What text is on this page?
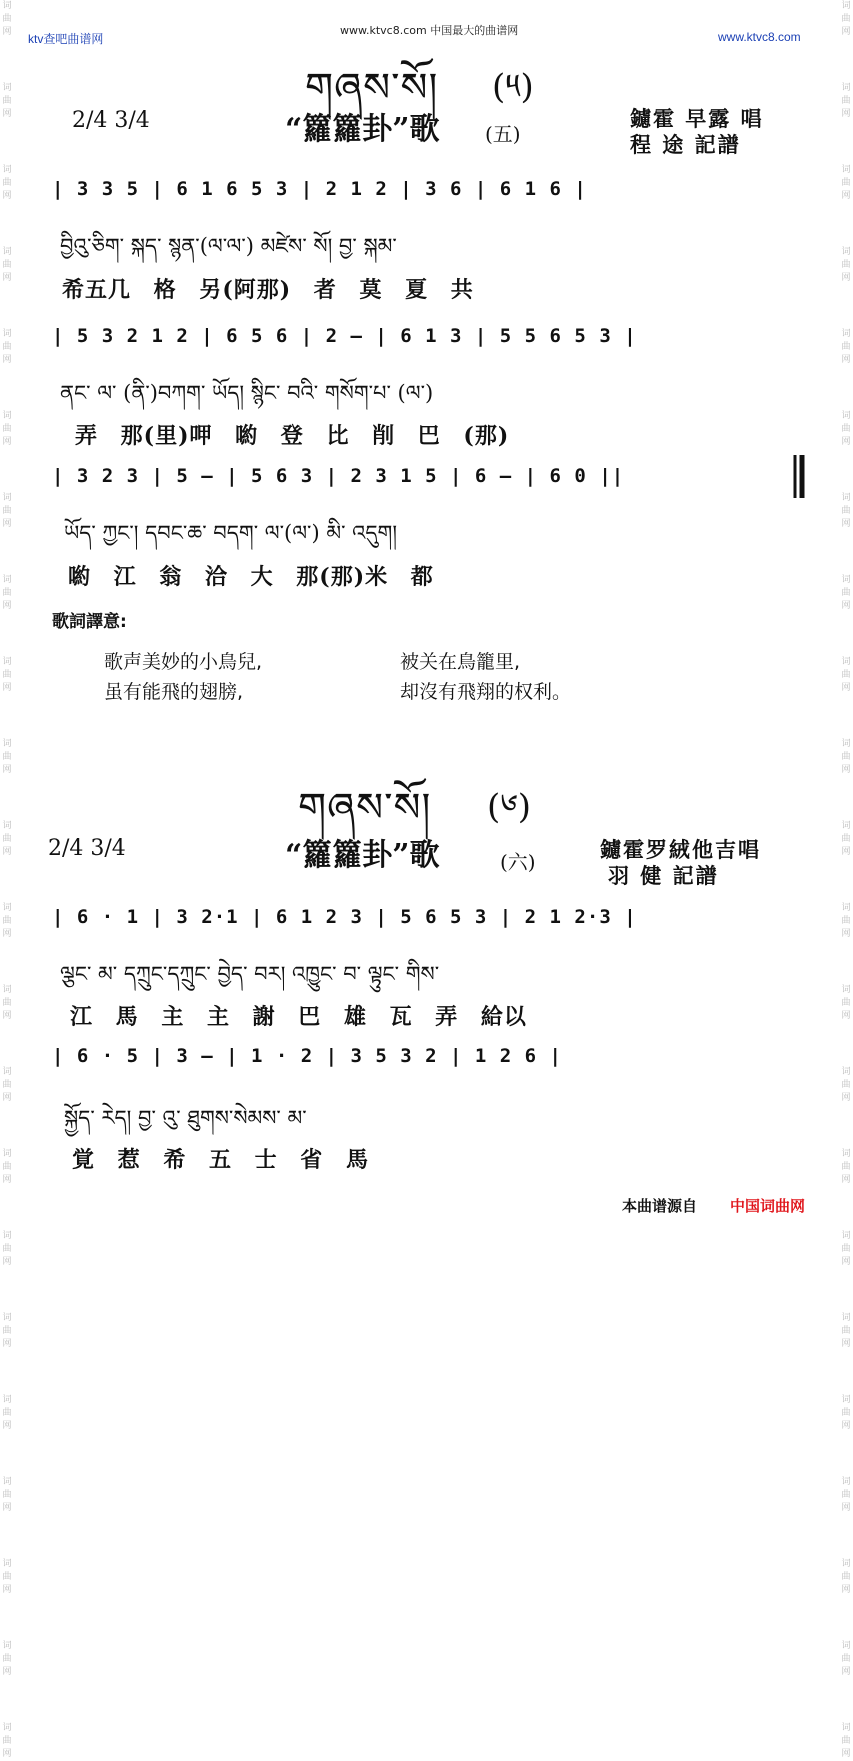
词曲网
词曲网
词曲网
词曲网
词曲网
词曲网
词曲网
词曲网
词曲网
词曲网
词曲网
词曲网
词曲网
词曲网
词曲网
词曲网
词曲网
词曲网
词曲网
词曲网
词曲网
词曲网
词曲网
词曲网
词曲网
词曲网
词曲网
词曲网
词曲网
词曲网
词曲网
词曲网
词曲网
词曲网
词曲网
词曲网
词曲网
词曲网
词曲网
词曲网
词曲网
词曲网
词曲网
词曲网
ktv查吧曲谱网
www.ktvc8.com 中国最大的曲谱网	www.ktvc8.com
གཞས་སོ། (༥)
2/4 3/4	“籮籮卦”歌 (五)
鑢霍 早露 唱
程 途 記譜
| 3 3 5 | 6 1 6 5 3 | 2 1 2 | 3 6 | 6 1 6 |
བྱིའུ་ཅིག་ སྐད་ སྙན་(ལ་ལ་) མཛེས་ སོ། བྱ་ སྐམ་
希五几 格 另(阿那) 者 莫 夏 共
| 5 3 2 1 2 | 6 5 6 | 2 — | 6 1 3 | 5 5 6 5 3 |
ནང་ ལ་ (ནི་)བཀག་ ཡོད། སྙིང་ བའི་ གསོག་པ་ (ལ་)
弄 那(里)呷 喲 登 比 削 巴 (那)
| 3 2 3 | 5 — | 5 6 3 | 2 3 1 5 | 6 — | 6 0 ||
ཡོད་ ཀྱང་། དབང་ཆ་ བདག་ ལ་(ལ་) མི་ འདུག།
喲 江 翁 洽 大 那(那)米 都
歌詞譯意:
歌声美妙的小鳥兒,	被关在鳥籠里,
虽有能飛的翅膀,	却沒有飛翔的权利。
གཞས་སོ། (༦)
2/4 3/4	“籮籮卦”歌	(六)	鑢霍罗絨他吉唱
羽 健 記譜
| 6 · 1 | 3 2·1 | 6 1 2 3 | 5 6 5 3 | 2 1 2·3 |
ལྕང་ མ་ དཀྲུང་དཀྲུང་ བྱེད་ བར། འཁྱུང་ བ་ ལྟུང་ གིས་
江 馬 主 主 謝 巴 雄 瓦 弄 給以
| 6 · 5 | 3 — | 1 · 2 | 3 5 3 2 | 1 2 6 |
སྐྱོད་ རེད། བྱ་ འུ་ ཐུགས་སེམས་ མ་
覚 惹 希 五 士 省 馬
本曲谱源自 中国词曲网
